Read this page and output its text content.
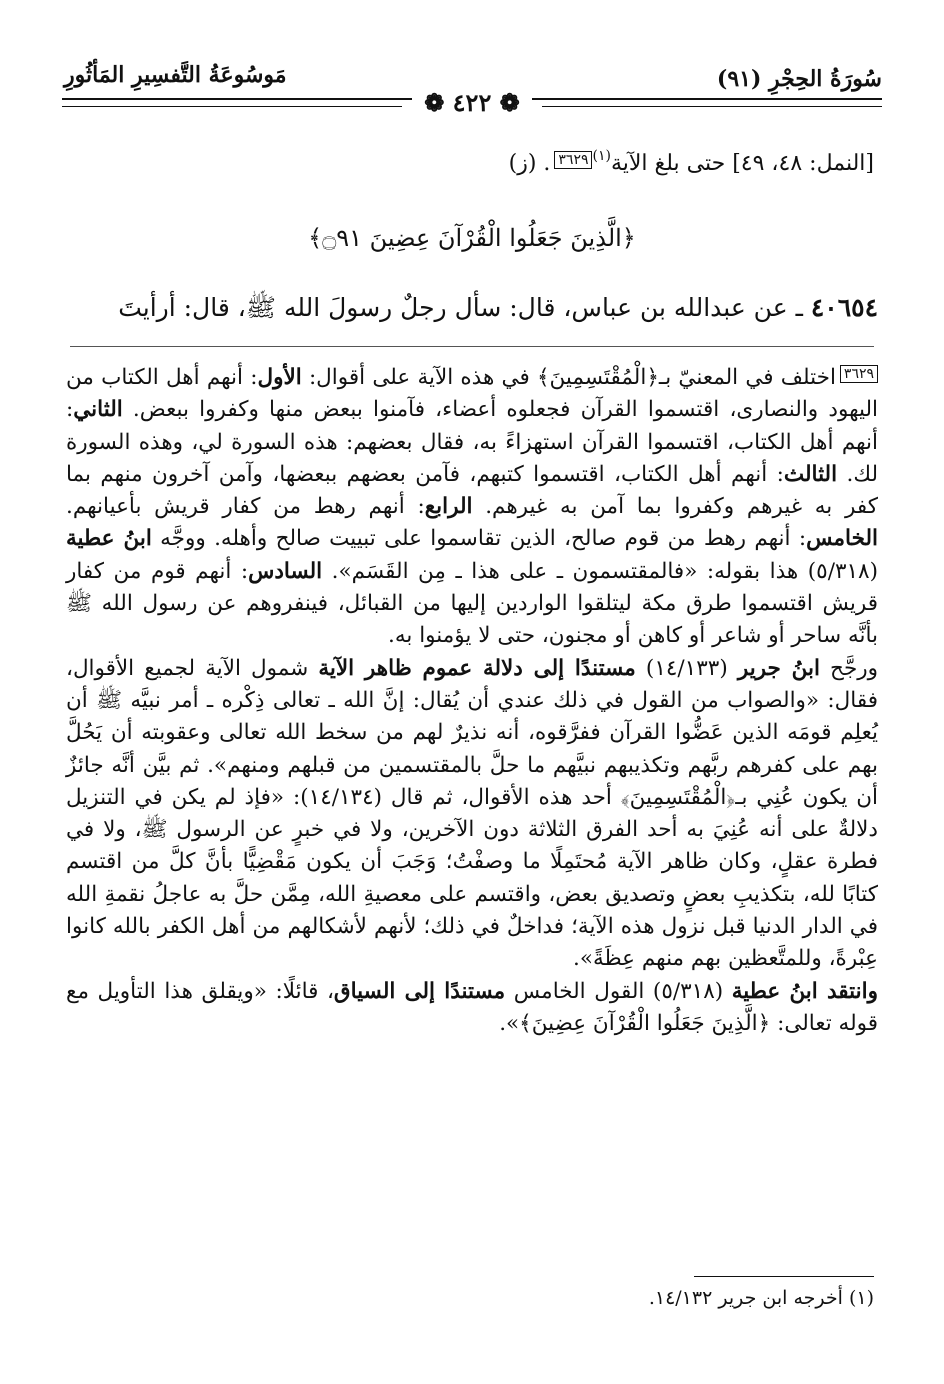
سُورَةُ الحِجْرِ (٩١)
مَوسُوعَةُ التَّفسِيرِ المَأثُورِ
❁ ٤٢٢ ❁
[النمل: ٤٨، ٤٩] حتى بلغ الآية$^{(١)}$٣٦٢٩. (ز)
﴿الَّذِينَ جَعَلُوا الْقُرْآنَ عِضِينَ ۝٩١﴾
٤٠٦٥٤ ـ عن عبدالله بن عباس، قال: سأل رجلٌ رسولَ الله ﷺ، قال: أرأيتَ

٣٦٢٩اختلف في المعنيّ بـ﴿الْمُقْتَسِمِينَ﴾ في هذه الآية على أقوال: الأول: أنهم أهل الكتاب من اليهود والنصارى، اقتسموا القرآن فجعلوه أعضاء، فآمنوا ببعض منها وكفروا ببعض. الثاني: أنهم أهل الكتاب، اقتسموا القرآن استهزاءً به، فقال بعضهم: هذه السورة لي، وهذه السورة لك. الثالث: أنهم أهل الكتاب، اقتسموا كتبهم، فآمن بعضهم ببعضها، وآمن آخرون منهم بما كفر به غيرهم وكفروا بما آمن به غيرهم. الرابع: أنهم رهط من كفار قريش بأعيانهم. الخامس: أنهم رهط من قوم صالح، الذين تقاسموا على تبييت صالح وأهله. ووجَّه ابنُ عطية (٥/٣١٨) هذا بقوله: «فالمقتسمون ـ على هذا ـ مِن القَسَم». السادس: أنهم قوم من كفار قريش اقتسموا طرق مكة ليتلقوا الواردين إليها من القبائل، فينفروهم عن رسول الله ﷺ بأنَّه ساحر أو شاعر أو كاهن أو مجنون، حتى لا يؤمنوا به.

ورجَّح ابنُ جرير (١٤/١٣٣) مستندًا إلى دلالة عموم ظاهر الآية شمول الآية لجميع الأقوال، فقال: «والصواب من القول في ذلك عندي أن يُقال: إنَّ الله ـ تعالى ذِكْره ـ أمر نبيَّه ﷺ أن يُعلِم قومَه الذين عَضُّوا القرآن ففرَّقوه، أنه نذيرٌ لهم من سخط الله تعالى وعقوبته أن يَحُلَّ بهم على كفرهم ربَّهم وتكذيبهم نبيَّهم ما حلَّ بالمقتسمين من قبلهم ومنهم». ثم بيَّن أنَّه جائزٌ أن يكون عُنِي بـ﴿الْمُقْتَسِمِينَ﴾ أحد هذه الأقوال، ثم قال (١٤/١٣٤): «فإذ لم يكن في التنزيل دلالةٌ على أنه عُنِيَ به أحد الفرق الثلاثة دون الآخرين، ولا في خبرٍ عن الرسول ﷺ، ولا في فطرة عقلٍ، وكان ظاهر الآية مُحتَمِلًا ما وصفْتُ؛ وَجَبَ أن يكون مَقْضِيًّا بأنَّ كلَّ من اقتسم كتابًا لله، بتكذيبِ بعضٍ وتصديق بعض، واقتسم على معصيةِ الله، مِمَّن حلَّ به عاجلُ نقمةِ الله في الدار الدنيا قبل نزول هذه الآية؛ فداخلٌ في ذلك؛ لأنهم لأشكالهم من أهل الكفر بالله كانوا عِبْرةً، وللمتَّعظين بهم منهم عِظَةً».

وانتقد ابنُ عطية (٥/٣١٨) القول الخامس مستندًا إلى السياق، قائلًا: «ويقلق هذا التأويل مع قوله تعالى: ﴿الَّذِينَ جَعَلُوا الْقُرْآنَ عِضِينَ﴾».

(١) أخرجه ابن جرير ١٤/١٣٢.
